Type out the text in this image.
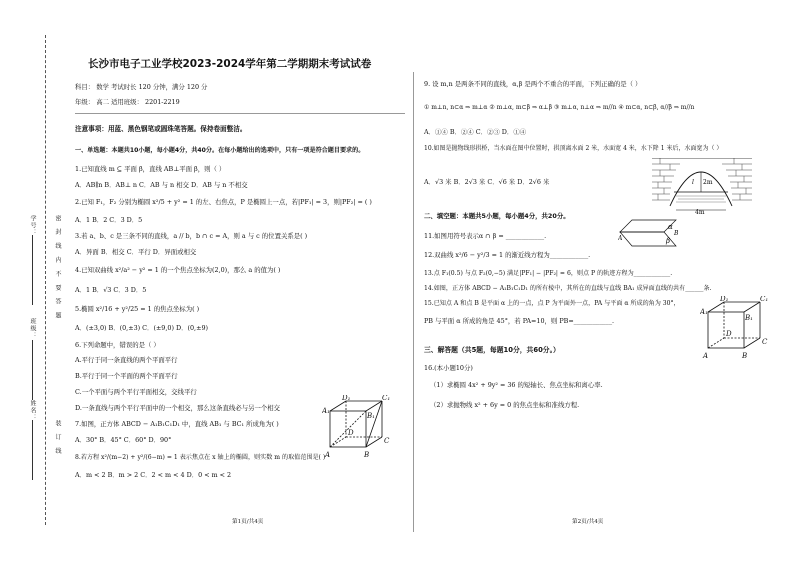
密 封 线 内 不 要 答 题
装 订 线
学号：
班级：
姓名：
长沙市电子工业学校2023-2024学年第二学期期末考试试卷
科目： 数学 考试时长 120 分钟，满分 120 分
年级： 高二 适用班级： 2201-2219
注意事项：用蓝、黑色钢笔或圆珠笔答题。保持卷面整洁。
一、单选题：本题共10小题，每小题4分，共40分。在每小题给出的选项中，只有一项是符合题目要求的。
1.已知直线 m ⊆ 平面 β，直线 AB⊥平面 β，则（ ）
A．AB∥n B．AB⊥ n C．AB 与 n 相交 D．AB 与 n 不相交
2.已知 F₁，F₂ 分别为椭圆 x²/5 + y² = 1 的左、右焦点，P 是椭圆上一点，若|PF₁| = 3，则|PF₂| = ( )
A．1 B．2 C．3 D．5
3.若 a、b、c 是三条不同的直线，a // b，b ∩ c = A，则 a 与 c 的位置关系是( )
A．异面 B．相交 C．平行 D．异面或相交
4.已知双曲线 x²/a² − y² = 1 的一个焦点坐标为(2,0)，那么 a 的值为( )
A．1 B．√3 C．3 D．5
5.椭圆 x²/16 + y²/25 = 1 的焦点坐标为( )
A．(±3,0) B．(0,±3) C．(±9,0) D．(0,±9)
6.下列命题中，错误的是（ ）
A.平行于同一条直线的两个平面平行
B.平行于同一个平面的两个平面平行
C.一个平面与两个平行平面相交，交线平行
D.一条直线与两个平行平面中的一个相交，那么这条直线必与另一个相交
7.如图，正方体 ABCD − A₁B₁C₁D₁ 中，直线 AB₁ 与 BC₁ 所成角为( )
A．30° B．45° C．60° D．90°
8.若方程 x²/(m−2) + y²/(6−m) = 1 表示焦点在 x 轴上的椭圆，则实数 m 的取值范围是( )
A．m < 2 B．m > 2 C．2 < m < 4 D．0 < m < 2
D₁	C₁
A₁
B₁
D
C
A	B
9. 设 m,n 是两条不同的直线，α,β 是两个不重合的平面，下列正确的是（ ）
① m⊥n, n⊂α ⇒ m⊥α ② m⊥α, m⊂β ⇒ α⊥β ③ m⊥α, n⊥α ⇒ m//n ④ m⊂α, n⊂β, α//β ⇒ m//n
A．①④ B．②④ C．②③ D．①④
10.如图是抛物线形拱桥，当水面在图中位置时，拱顶离水面 2 米，水面宽 4 米，水下降 1 米后，水面宽为（ ）
A．√3 米 B．2√3 米 C．√6 米 D．2√6 米	2m
l
4m
二、填空题：本题共5小题，每小题4分，共20分。
11.如图用符号表示α ∩ β = ____________.
12.双曲线 x²/6 − y²/3 = 1 的渐近线方程为____________.
13.点 F₁(0.5) 与点 F₂(0,−5) 满足|PF₁| − |PF₂| = 6，则点 P 的轨迹方程为____________.
14.如图，正方体 ABCD − A₁B₁C₁D₁ 的所有棱中，其所在的直线与直线 BA₁ 成异面直线的共有______条.
15.已知点 A 和点 B 是平面 α 上的一点，点 P 为平面外一点，PA 与平面 α 所成的角为 30°，
PB 与平面 α 所成的角是 45°，若 PA=10，则 PB=____________.
α
β
A
B
D₁	C₁
A₁
B₁
D
C
A	B
三、解答题（共5题，每题10分，共60分。）
16.(本小题10分)
（1）求椭圆 4x² + 9y² = 36 的短轴长、焦点坐标和离心率.
（2）求抛物线 x² + 6y = 0 的焦点坐标和准线方程.
第1页/共4页	第2页/共4页
